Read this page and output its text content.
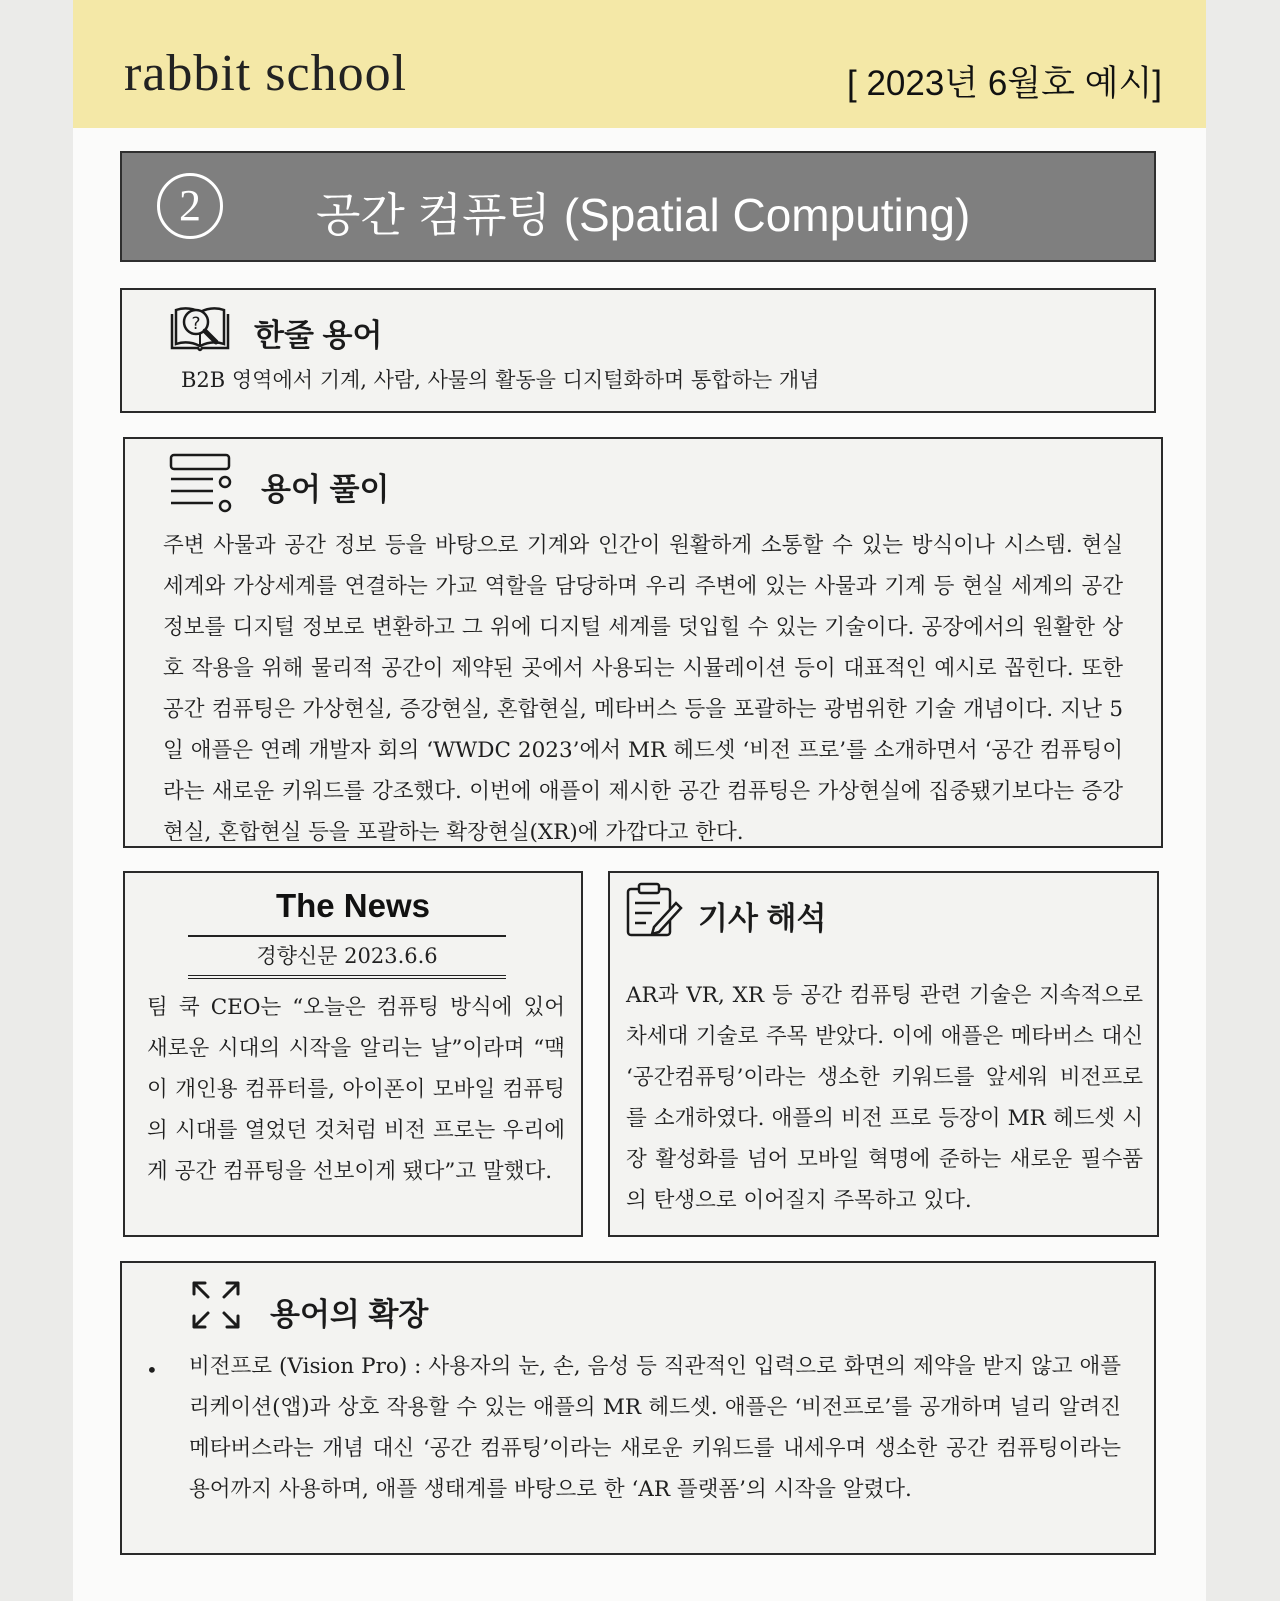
rabbit school	[ 2023년 6월호 예시]
2	공간 컴퓨팅 (Spatial Computing)
? 한줄 용어
B2B 영역에서 기계, 사람, 사물의 활동을 디지털화하며 통합하는 개념
용어 풀이
주변 사물과 공간 정보 등을 바탕으로 기계와 인간이 원활하게 소통할 수 있는 방식이나 시스템. 현실 세계와 가상세계를 연결하는 가교 역할을 담당하며 우리 주변에 있는 사물과 기계 등 현실 세계의 공간 정보를 디지털 정보로 변환하고 그 위에 디지털 세계를 덧입힐 수 있는 기술이다. 공장에서의 원활한 상호 작용을 위해 물리적 공간이 제약된 곳에서 사용되는 시뮬레이션 등이 대표적인 예시로 꼽힌다. 또한 공간 컴퓨팅은 가상현실, 증강현실, 혼합현실, 메타버스 등을 포괄하는 광범위한 기술 개념이다. 지난 5일 애플은 연례 개발자 회의 ‘WWDC 2023’에서 MR 헤드셋 ‘비전 프로’를 소개하면서 ‘공간 컴퓨팅이라는 새로운 키워드를 강조했다. 이번에 애플이 제시한 공간 컴퓨팅은 가상현실에 집중됐기보다는 증강현실, 혼합현실 등을 포괄하는 확장현실(XR)에 가깝다고 한다.
The News
경향신문 2023.6.6
팀 쿡 CEO는 “오늘은 컴퓨팅 방식에 있어 새로운 시대의 시작을 알리는 날”이라며 “맥이 개인용 컴퓨터를, 아이폰이 모바일 컴퓨팅의 시대를 열었던 것처럼 비전 프로는 우리에게 공간 컴퓨팅을 선보이게 됐다”고 말했다.
기사 해석
AR과 VR, XR 등 공간 컴퓨팅 관련 기술은 지속적으로 차세대 기술로 주목 받았다. 이에 애플은 메타버스 대신 ‘공간컴퓨팅’이라는 생소한 키워드를 앞세워 비전프로를 소개하였다. 애플의 비전 프로 등장이 MR 헤드셋 시장 활성화를 넘어 모바일 혁명에 준하는 새로운 필수품의 탄생으로 이어질지 주목하고 있다.
용어의 확장
• 비전프로 (Vision Pro) : 사용자의 눈, 손, 음성 등 직관적인 입력으로 화면의 제약을 받지 않고 애플리케이션(앱)과 상호 작용할 수 있는 애플의 MR 헤드셋. 애플은 ‘비전프로’를 공개하며 널리 알려진 메타버스라는 개념 대신 ‘공간 컴퓨팅’이라는 새로운 키워드를 내세우며 생소한 공간 컴퓨팅이라는 용어까지 사용하며, 애플 생태계를 바탕으로 한 ‘AR 플랫폼’의 시작을 알렸다.
